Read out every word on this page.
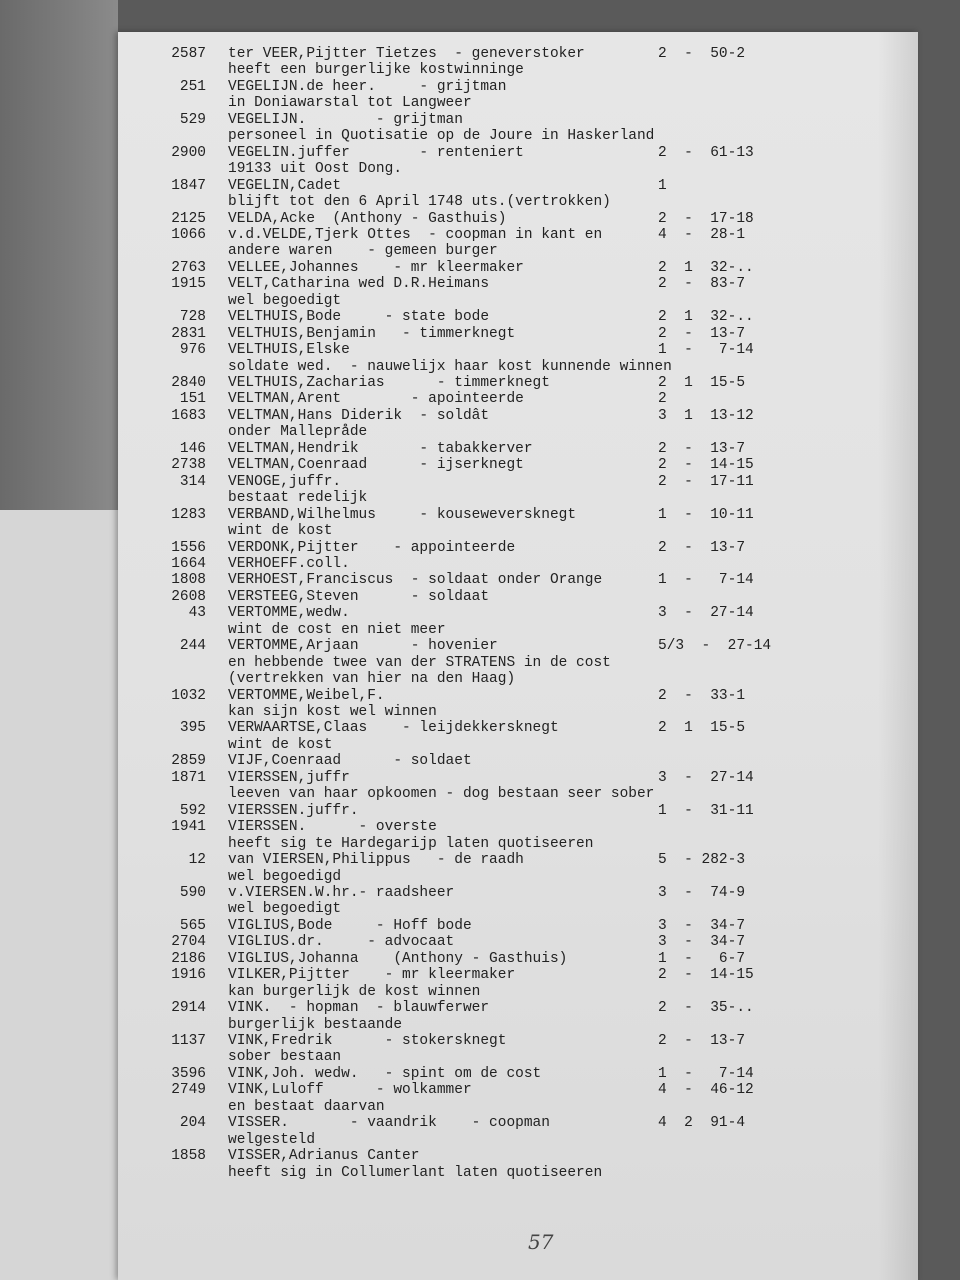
2587 ter VEER,Pijtter Tietzes  - geneverstoker	2  -  50-2
heeft een burgerlijke kostwinninge
251 VEGELIJN.de heer.     - grijtman
in Doniawarstal tot Langweer
529 VEGELIJN.        - grijtman
personeel in Quotisatie op de Joure in Haskerland
2900 VEGELIN.juffer        - renteniert	2  -  61-13
19133 uit Oost Dong.
1847 VEGELIN,Cadet	1
blijft tot den 6 April 1748 uts.(vertrokken)
2125 VELDA,Acke  (Anthony - Gasthuis)	2  -  17-18
1066 v.d.VELDE,Tjerk Ottes  - coopman in kant en	4  -  28-1
andere waren    - gemeen burger
2763 VELLEE,Johannes    - mr kleermaker	2  1  32-..
1915 VELT,Catharina wed D.R.Heimans	2  -  83-7
wel begoedigt
728 VELTHUIS,Bode     - state bode	2  1  32-..
2831 VELTHUIS,Benjamin   - timmerknegt	2  -  13-7
976 VELTHUIS,Elske	1  -   7-14
soldate wed.  - nauwelijx haar kost kunnende winnen
2840 VELTHUIS,Zacharias      - timmerknegt	2  1  15-5
151 VELTMAN,Arent        - apointeerde	2
1683 VELTMAN,Hans Diderik  - soldât	3  1  13-12
onder Mallepråde
146 VELTMAN,Hendrik       - tabakkerver	2  -  13-7
2738 VELTMAN,Coenraad      - ijserknegt	2  -  14-15
314 VENOGE,juffr.	2  -  17-11
bestaat redelijk
1283 VERBAND,Wilhelmus     - kouseweversknegt	1  -  10-11
wint de kost
1556 VERDONK,Pijtter    - appointeerde	2  -  13-7
1664 VERHOEFF.coll.
1808 VERHOEST,Franciscus  - soldaat onder Orange	1  -   7-14
2608 VERSTEEG,Steven      - soldaat
43 VERTOMME,wedw.	3  -  27-14
wint de cost en niet meer
244 VERTOMME,Arjaan      - hovenier	5/3  -  27-14
en hebbende twee van der STRATENS in de cost
(vertrekken van hier na den Haag)
1032 VERTOMME,Weibel,F.	2  -  33-1
kan sijn kost wel winnen
395 VERWAARTSE,Claas    - leijdekkersknegt	2  1  15-5
wint de kost
2859 VIJF,Coenraad      - soldaet
1871 VIERSSEN,juffr	3  -  27-14
leeven van haar opkoomen - dog bestaan seer sober
592 VIERSSEN.juffr.	1  -  31-11
1941 VIERSSEN.      - overste
heeft sig te Hardegarijp laten quotiseeren
12 van VIERSEN,Philippus   - de raadh	5  - 282-3
wel begoedigd
590 v.VIERSEN.W.hr.- raadsheer	3  -  74-9
wel begoedigt
565 VIGLIUS,Bode     - Hoff bode	3  -  34-7
2704 VIGLIUS.dr.     - advocaat	3  -  34-7
2186 VIGLIUS,Johanna    (Anthony - Gasthuis)	1  -   6-7
1916 VILKER,Pijtter    - mr kleermaker	2  -  14-15
kan burgerlijk de kost winnen
2914 VINK.  - hopman  - blauwferwer	2  -  35-..
burgerlijk bestaande
1137 VINK,Fredrik      - stokersknegt	2  -  13-7
sober bestaan
3596 VINK,Joh. wedw.   - spint om de cost	1  -   7-14
2749 VINK,Luloff      - wolkammer	4  -  46-12
en bestaat daarvan
204 VISSER.       - vaandrik    - coopman	4  2  91-4
welgesteld
1858 VISSER,Adrianus Canter
heeft sig in Collumerlant laten quotiseeren
57
